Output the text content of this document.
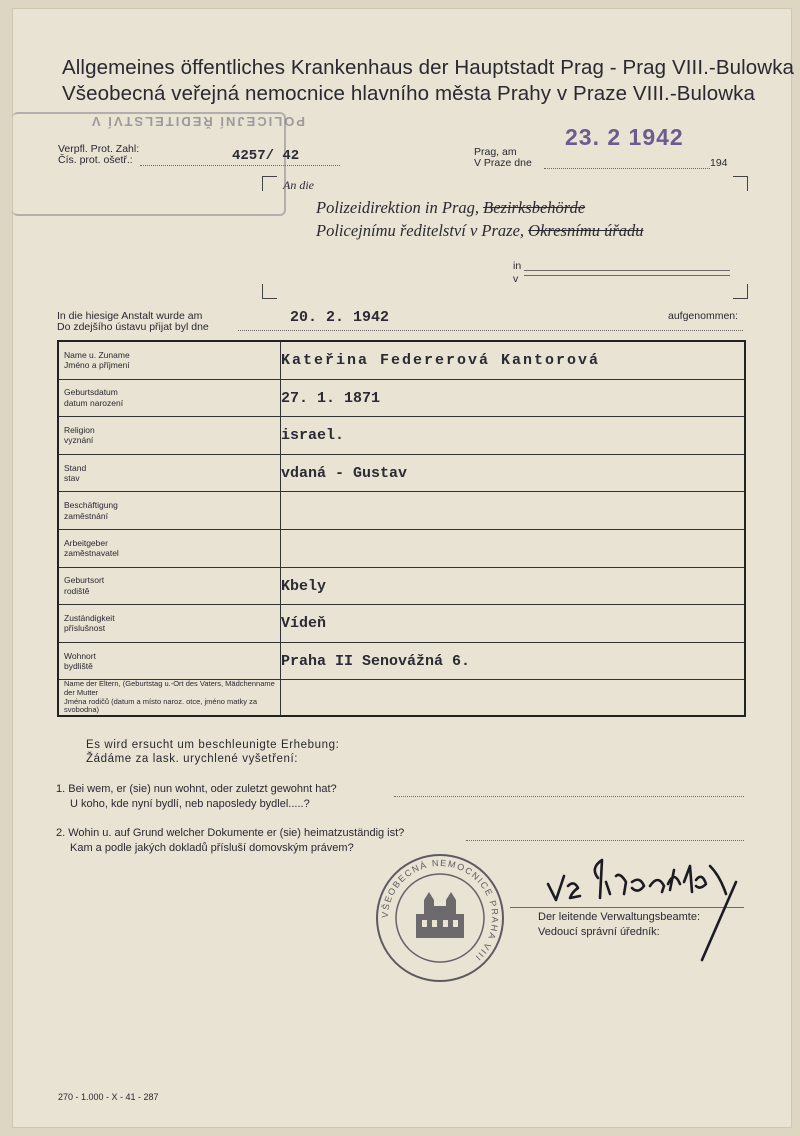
Allgemeines öffentliches Krankenhaus der Hauptstadt Prag - Prag VIII.-Bulowka
Všeobecná veřejná nemocnice hlavního města Prahy v Praze VIII.-Bulowka
POLICEJNÍ ŘEDITELSTVÍ V
Verpfl. Prot. Zahl:
Čís. prot. ošetř.:	4257/ 42	Prag, am
V Praze dne	194
23. 2 1942
An die
Polizeidirektion in Prag, Bezirksbehörde
Policejnímu ředitelství v Praze, Okresnímu úřadu
in
v
In die hiesige Anstalt wurde am
Do zdejšího ústavu přijat byl dne
20. 2. 1942	aufgenommen:
Name u. Zuname
Jméno a příjmení	Kateřina Federerová Kantorová

Geburtsdatum
datum narození	27. 1. 1871

Religion
vyznání	israel.

Stand
stav	vdaná - Gustav

Beschäftigung
zaměstnání	

Arbeitgeber
zaměstnavatel	

Geburtsort
rodiště	Kbely

Zuständigkeit
příslušnost	Vídeň

Wohnort
bydliště	Praha II Senovážná 6.

Name der Eltern, (Geburtstag u.-Ort des Vaters, Mädchenname der Mutter
Jména rodičů (datum a místo naroz. otce, jméno matky za svobodna)	

Es wird ersucht um beschleunigte Erhebung:
Žádáme za lask. urychlené vyšetření:
1. Bei wem, er (sie) nun wohnt, oder zuletzt gewohnt hat?
U koho, kde nyní bydlí, neb naposledy bydlel.....?
2. Wohin u. auf Grund welcher Dokumente er (sie) heimatzuständig ist?
Kam a podle jakých dokladů přísluší domovským právem?
VŠEOBECNÁ NEMOCNICE PRAHA VIII
Der leitende Verwaltungsbeamte:
Vedoucí správní úředník:
270 - 1.000 - X - 41 - 287
